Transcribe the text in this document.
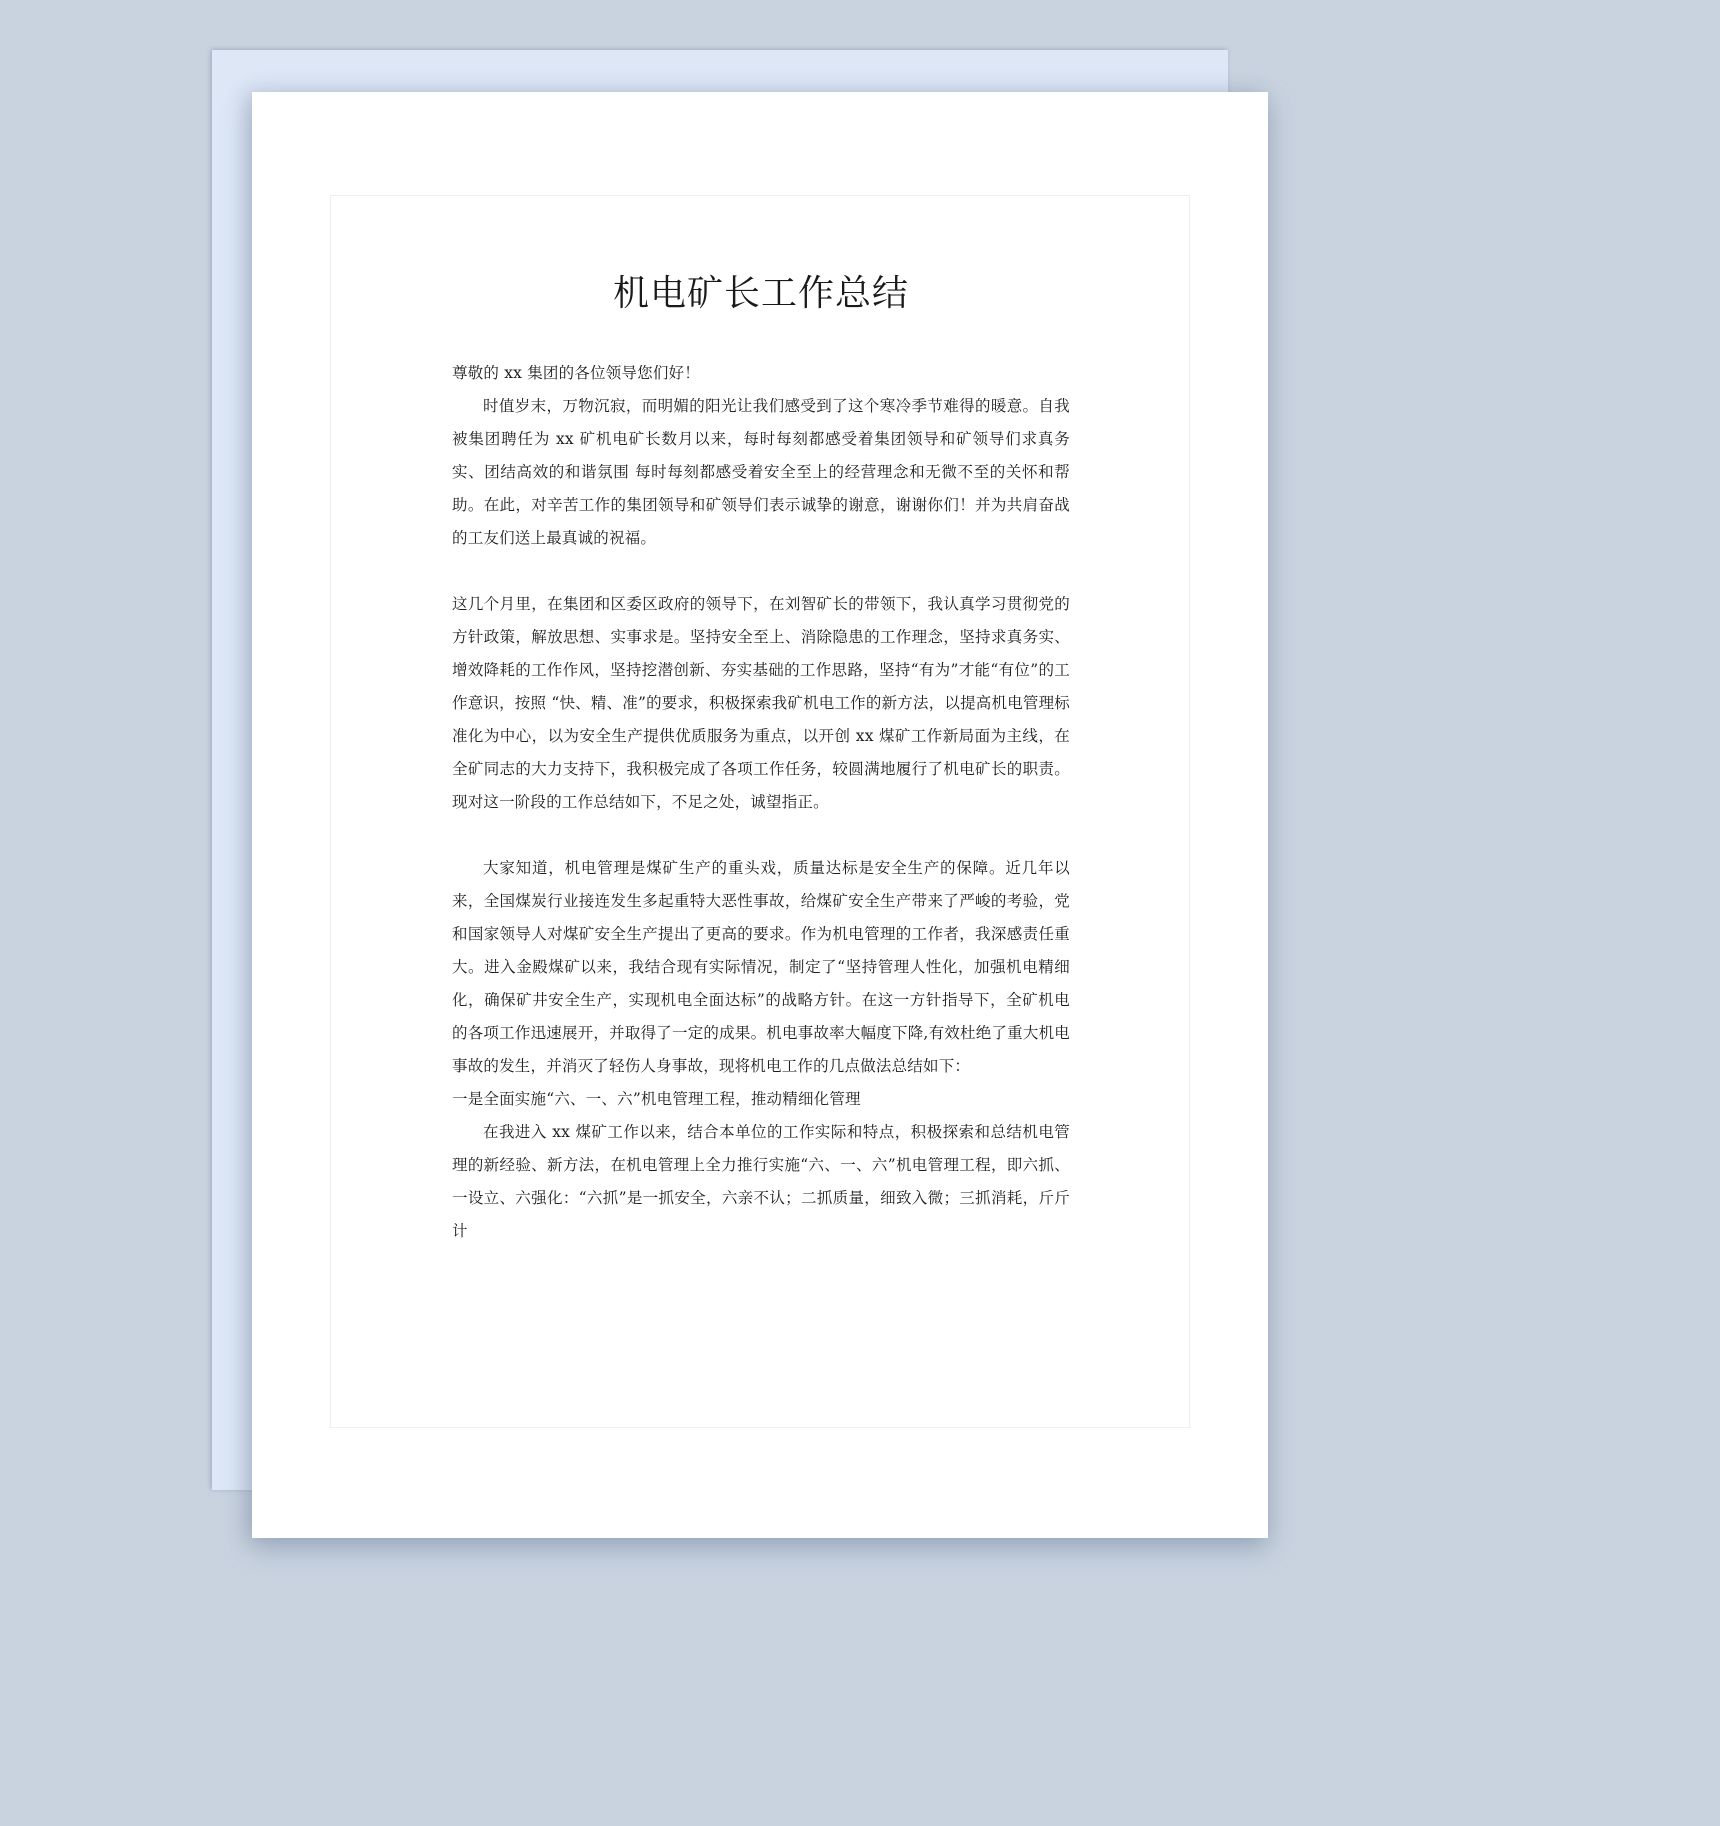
机电矿长工作总结

尊敬的 xx 集团的各位领导您们好！

时值岁末，万物沉寂，而明媚的阳光让我们感受到了这个寒冷季节难得的暖意。自我被集团聘任为 xx 矿机电矿长数月以来，每时每刻都感受着集团领导和矿领导们求真务实、团结高效的和谐氛围 每时每刻都感受着安全至上的经营理念和无微不至的关怀和帮助。在此，对辛苦工作的集团领导和矿领导们表示诚挚的谢意，谢谢你们！并为共肩奋战的工友们送上最真诚的祝福。

这几个月里，在集团和区委区政府的领导下，在刘智矿长的带领下，我认真学习贯彻党的方针政策，解放思想、实事求是。坚持安全至上、消除隐患的工作理念，坚持求真务实、增效降耗的工作作风，坚持挖潜创新、夯实基础的工作思路，坚持“有为”才能“有位”的工作意识，按照 “快、精、准”的要求，积极探索我矿机电工作的新方法，以提高机电管理标准化为中心，以为安全生产提供优质服务为重点，以开创 xx 煤矿工作新局面为主线，在全矿同志的大力支持下，我积极完成了各项工作任务，较圆满地履行了机电矿长的职责。现对这一阶段的工作总结如下，不足之处，诚望指正。

大家知道，机电管理是煤矿生产的重头戏，质量达标是安全生产的保障。近几年以来，全国煤炭行业接连发生多起重特大恶性事故，给煤矿安全生产带来了严峻的考验，党和国家领导人对煤矿安全生产提出了更高的要求。作为机电管理的工作者，我深感责任重大。进入金殿煤矿以来，我结合现有实际情况，制定了“坚持管理人性化，加强机电精细化，确保矿井安全生产，实现机电全面达标”的战略方针。在这一方针指导下，全矿机电的各项工作迅速展开，并取得了一定的成果。机电事故率大幅度下降,有效杜绝了重大机电事故的发生，并消灭了轻伤人身事故，现将机电工作的几点做法总结如下：

一是全面实施“六、一、六”机电管理工程，推动精细化管理

在我进入 xx 煤矿工作以来，结合本单位的工作实际和特点，积极探索和总结机电管理的新经验、新方法，在机电管理上全力推行实施“六、一、六”机电管理工程，即六抓、一设立、六强化：“六抓”是一抓安全，六亲不认；二抓质量，细致入微；三抓消耗，斤斤计
